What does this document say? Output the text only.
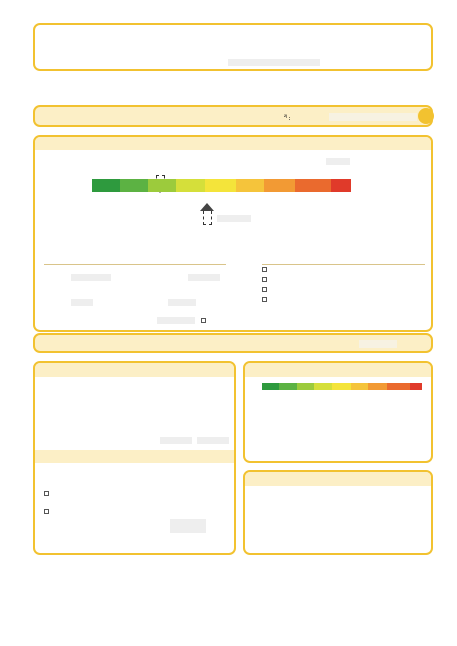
$^{2)}$ :
